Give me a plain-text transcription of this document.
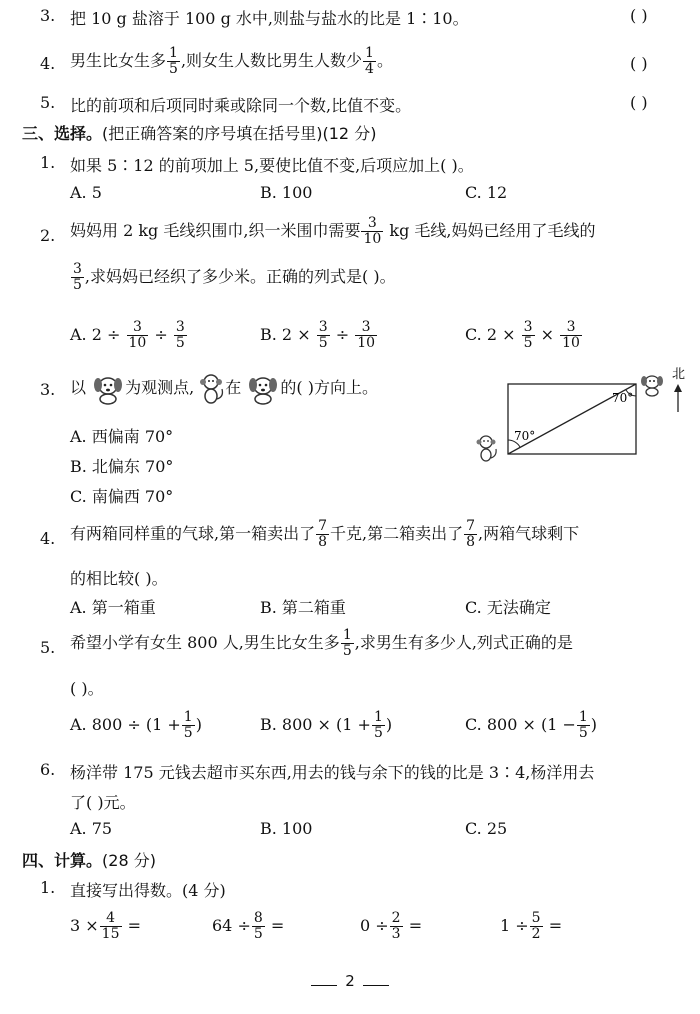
3. 把 10 g 盐溶于 100 g 水中,则盐与盐水的比是 1∶10。	( )
4. 男生比女生多 $\frac{1}{5}$ ,则女生人数比男生人数少 $\frac{1}{4}$ 。	( )
5. 比的前项和后项同时乘或除同一个数,比值不变。	( )
三、选择。(把正确答案的序号填在括号里)(12 分)
1. 如果 5∶12 的前项加上 5,要使比值不变,后项应加上( )。
A. 5	B. 100	C. 12
2. 妈妈用 2 kg 毛线织围巾,织一米围巾需要 $\frac{3}{10}$ kg 毛线,妈妈已经用了毛线的
$\frac{3}{5}$ ,求妈妈已经织了多少米。正确的列式是( )。
A. $2 \div \frac{3}{10} \div \frac{3}{5}$	B. $2 \times \frac{3}{5} \div \frac{3}{10}$	C. $2 \times \frac{3}{5} \times \frac{3}{10}$
3. 以 为观测点, 在 的( )方向上。
A. 西偏南 70°
B. 北偏东 70°
C. 南偏西 70°
70°
70°
北
4. 有两箱同样重的气球,第一箱卖出了 $\frac{7}{8}$ 千克,第二箱卖出了 $\frac{7}{8}$ ,两箱气球剩下
的相比较( )。
A. 第一箱重	B. 第二箱重	C. 无法确定
5. 希望小学有女生 800 人,男生比女生多 $\frac{1}{5}$ ,求男生有多少人,列式正确的是
( )。
A. $800 \div (1 + \frac{1}{5}$ )	B. $800 \times (1 + \frac{1}{5}$ )	C. $800 \times (1 - \frac{1}{5}$ )
6. 杨洋带 175 元钱去超市买东西,用去的钱与余下的钱的比是 3∶4,杨洋用去
了( )元。
A. 75	B. 100	C. 25
四、计算。(28 分)
1. 直接写出得数。(4 分)
$3 \times \frac{4}{15}$ =	$64 \div \frac{8}{5}$ =	$0 \div \frac{2}{3}$ =	$1 \div \frac{5}{2}$ =
2
